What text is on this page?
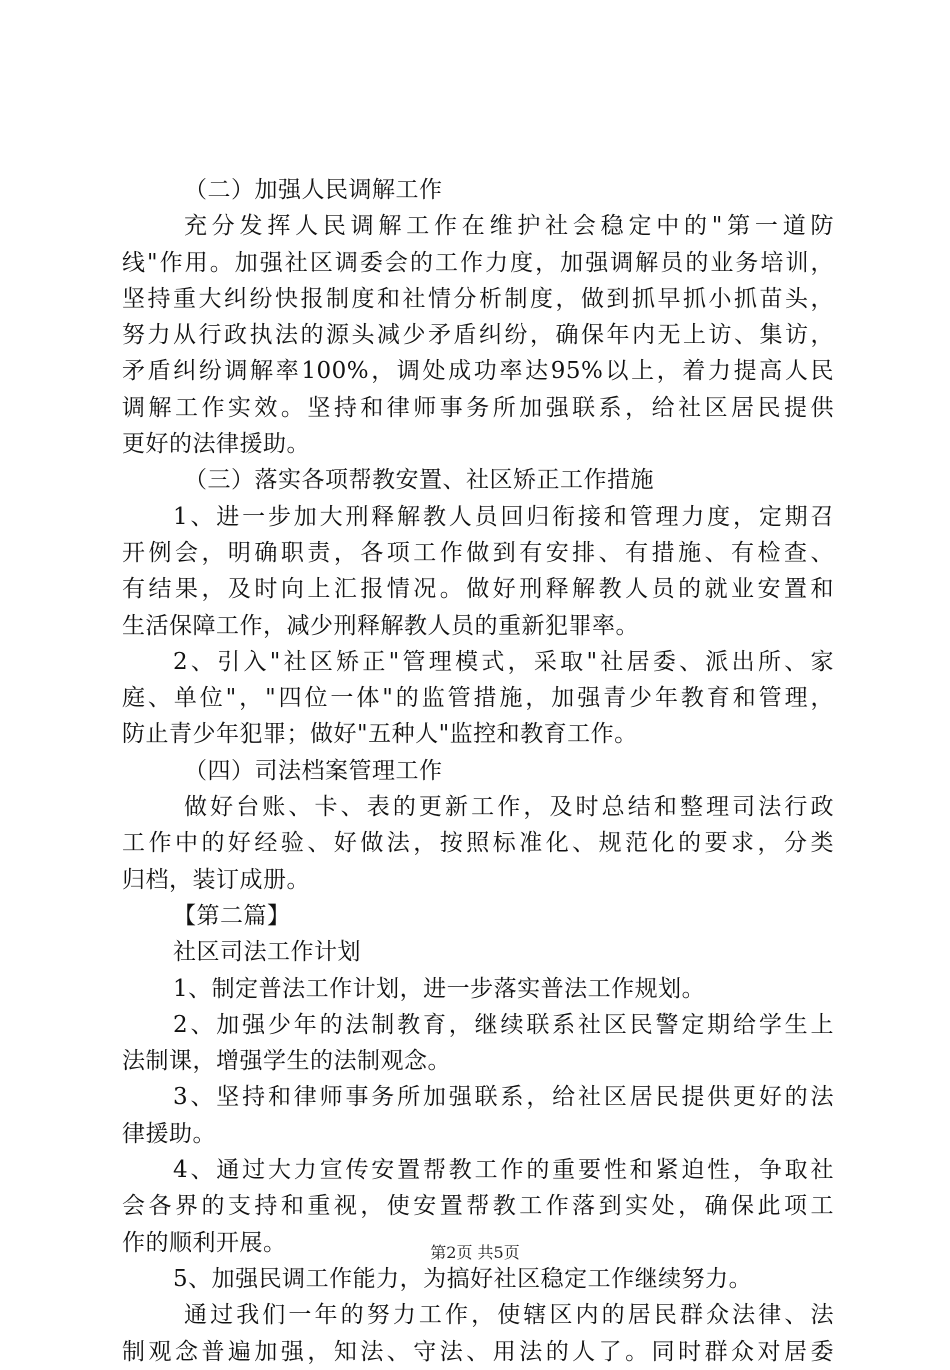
（二）加强人民调解工作
充分发挥人民调解工作在维护社会稳定中的"第一道防
线"作用。加强社区调委会的工作力度，加强调解员的业务培训，
坚持重大纠纷快报制度和社情分析制度，做到抓早抓小抓苗头，
努力从行政执法的源头减少矛盾纠纷，确保年内无上访、集访，
矛盾纠纷调解率100%，调处成功率达95%以上，着力提高人民
调解工作实效。坚持和律师事务所加强联系，给社区居民提供
更好的法律援助。
（三）落实各项帮教安置、社区矫正工作措施
1、进一步加大刑释解教人员回归衔接和管理力度，定期召
开例会，明确职责，各项工作做到有安排、有措施、有检查、
有结果，及时向上汇报情况。做好刑释解教人员的就业安置和
生活保障工作，减少刑释解教人员的重新犯罪率。
2、引入"社区矫正"管理模式，采取"社居委、派出所、家
庭、单位"，"四位一体"的监管措施，加强青少年教育和管理，
防止青少年犯罪；做好"五种人"监控和教育工作。
（四）司法档案管理工作
做好台账、卡、表的更新工作，及时总结和整理司法行政
工作中的好经验、好做法，按照标准化、规范化的要求，分类
归档，装订成册。
【第二篇】
社区司法工作计划
1、制定普法工作计划，进一步落实普法工作规划。
2、加强少年的法制教育，继续联系社区民警定期给学生上
法制课，增强学生的法制观念。
3、坚持和律师事务所加强联系，给社区居民提供更好的法
律援助。
4、通过大力宣传安置帮教工作的重要性和紧迫性，争取社
会各界的支持和重视，使安置帮教工作落到实处，确保此项工
作的顺利开展。
5、加强民调工作能力，为搞好社区稳定工作继续努力。
通过我们一年的努力工作，使辖区内的居民群众法律、法
制观念普遍加强，知法、守法、用法的人了。同时群众对居委
第2页 共5页
